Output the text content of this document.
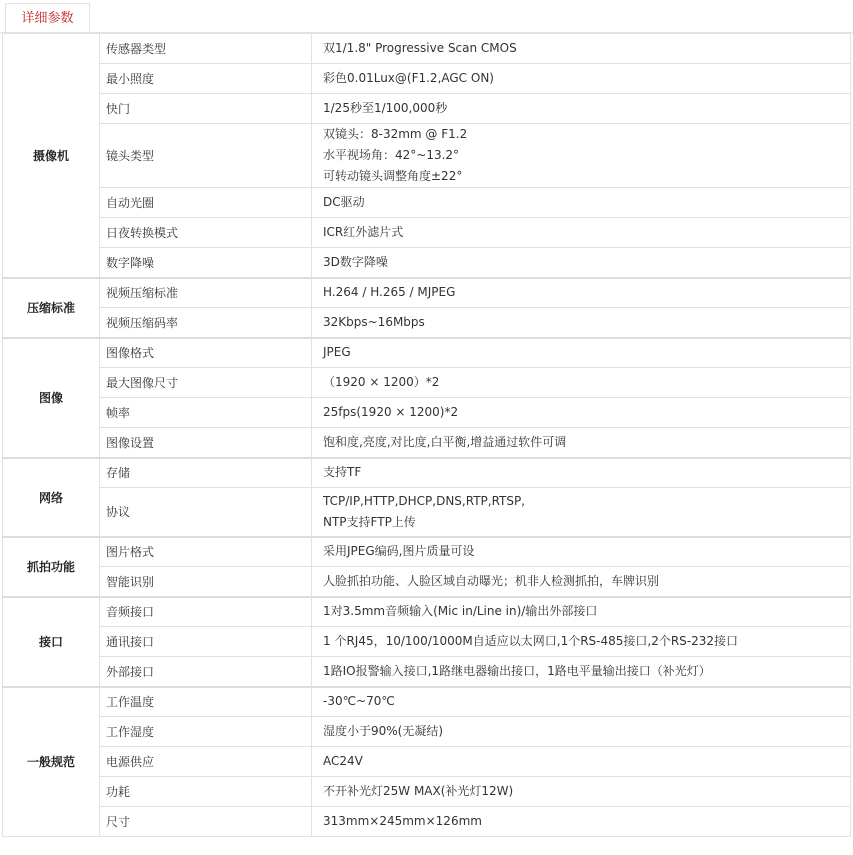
详细参数
摄像机	传感器类型	双1/1.8" Progressive Scan CMOS

	最小照度	彩色0.01Lux@(F1.2,AGC ON)

	快门	1/25秒至1/100,000秒

	镜头类型	双镜头：8-32mm @ F1.2
水平视场角：42°~13.2°
可转动镜头调整角度±22°

	自动光圈	DC驱动

	日夜转换模式	ICR红外滤片式

	数字降噪	3D数字降噪

压缩标准	视频压缩标准	H.264 / H.265 / MJPEG

	视频压缩码率	32Kbps~16Mbps

图像	图像格式	JPEG

	最大图像尺寸	（1920 × 1200）*2

	帧率	25fps(1920 × 1200)*2

	图像设置	饱和度,亮度,对比度,白平衡,增益通过软件可调

网络	存储	支持TF

	协议	TCP/IP,HTTP,DHCP,DNS,RTP,RTSP,
NTP支持FTP上传

抓拍功能	图片格式	采用JPEG编码,图片质量可设

	智能识别	人脸抓拍功能、人脸区域自动曝光；机非人检测抓拍，车牌识别

接口	音频接口	1对3.5mm音频输入(Mic in/Line in)/输出外部接口

	通讯接口	1 个RJ45，10/100/1000M自适应以太网口,1个RS-485接口,2个RS-232接口

	外部接口	1路IO报警输入接口,1路继电器输出接口，1路电平量输出接口（补光灯）

一般规范	工作温度	-30℃~70℃

	工作湿度	湿度小于90%(无凝结)

	电源供应	AC24V

	功耗	不开补光灯25W MAX(补光灯12W)

	尺寸	313mm×245mm×126mm
